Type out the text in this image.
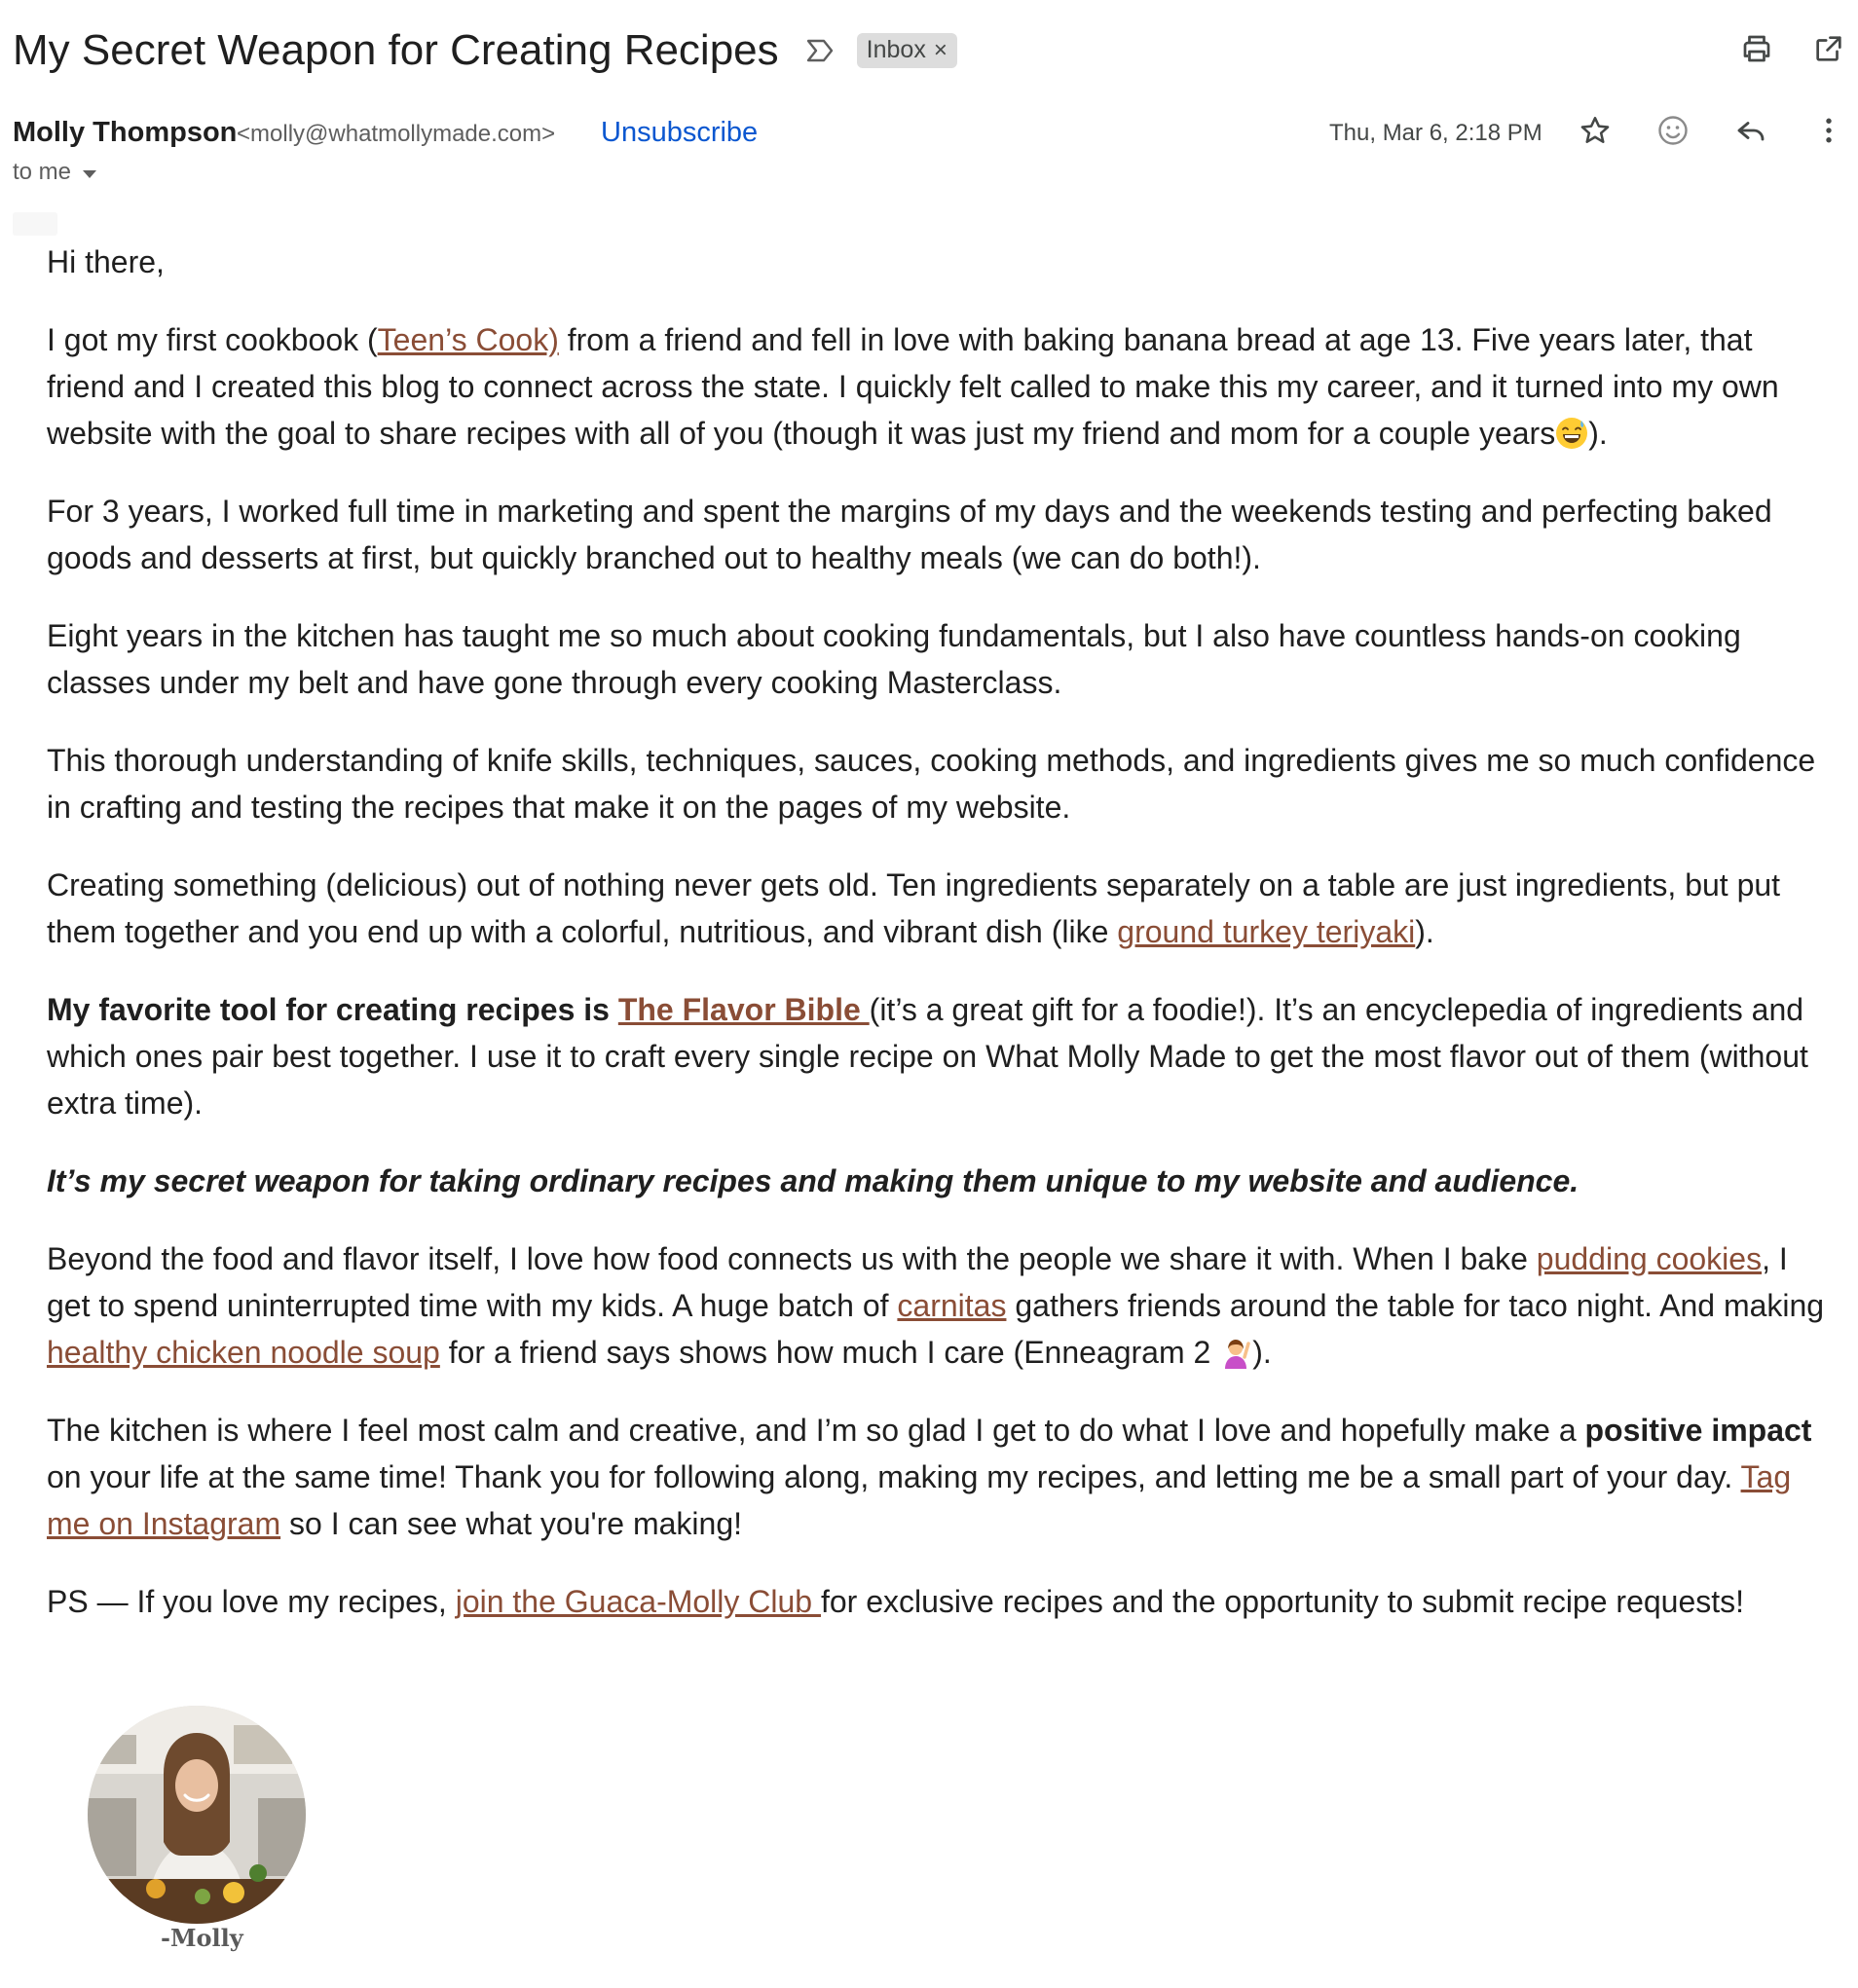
My Secret Weapon for Creating Recipes	Inbox ×
Molly Thompson <molly@whatmollymade.com> Unsubscribe	Thu, Mar 6, 2:18 PM
to me

Hi there,

I got my first cookbook (Teen’s Cook) from a friend and fell in love with baking banana bread at age 13. Five years later, that friend and I created this blog to connect across the state. I quickly felt called to make this my career, and it turned into my own website with the goal to share recipes with all of you (though it was just my friend and mom for a couple years ).

For 3 years, I worked full time in marketing and spent the margins of my days and the weekends testing and perfecting baked goods and desserts at first, but quickly branched out to healthy meals (we can do both!).

Eight years in the kitchen has taught me so much about cooking fundamentals, but I also have countless hands-on cooking classes under my belt and have gone through every cooking Masterclass.

This thorough understanding of knife skills, techniques, sauces, cooking methods, and ingredients gives me so much confidence in crafting and testing the recipes that make it on the pages of my website.

Creating something (delicious) out of nothing never gets old. Ten ingredients separately on a table are just ingredients, but put them together and you end up with a colorful, nutritious, and vibrant dish (like ground turkey teriyaki).

My favorite tool for creating recipes is The Flavor Bible (it’s a great gift for a foodie!). It’s an encyclepedia of ingredients and which ones pair best together. I use it to craft every single recipe on What Molly Made to get the most flavor out of them (without extra time).

It’s my secret weapon for taking ordinary recipes and making them unique to my website and audience.

Beyond the food and flavor itself, I love how food connects us with the people we share it with. When I bake pudding cookies, I get to spend uninterrupted time with my kids. A huge batch of carnitas gathers friends around the table for taco night. And making healthy chicken noodle soup for a friend says shows how much I care (Enneagram 2 ).

The kitchen is where I feel most calm and creative, and I’m so glad I get to do what I love and hopefully make a positive impact on your life at the same time! Thank you for following along, making my recipes, and letting me be a small part of your day. Tag me on Instagram so I can see what you're making!

PS — If you love my recipes, join the Guaca-Molly Club for exclusive recipes and the opportunity to submit recipe requests!

-Molly
